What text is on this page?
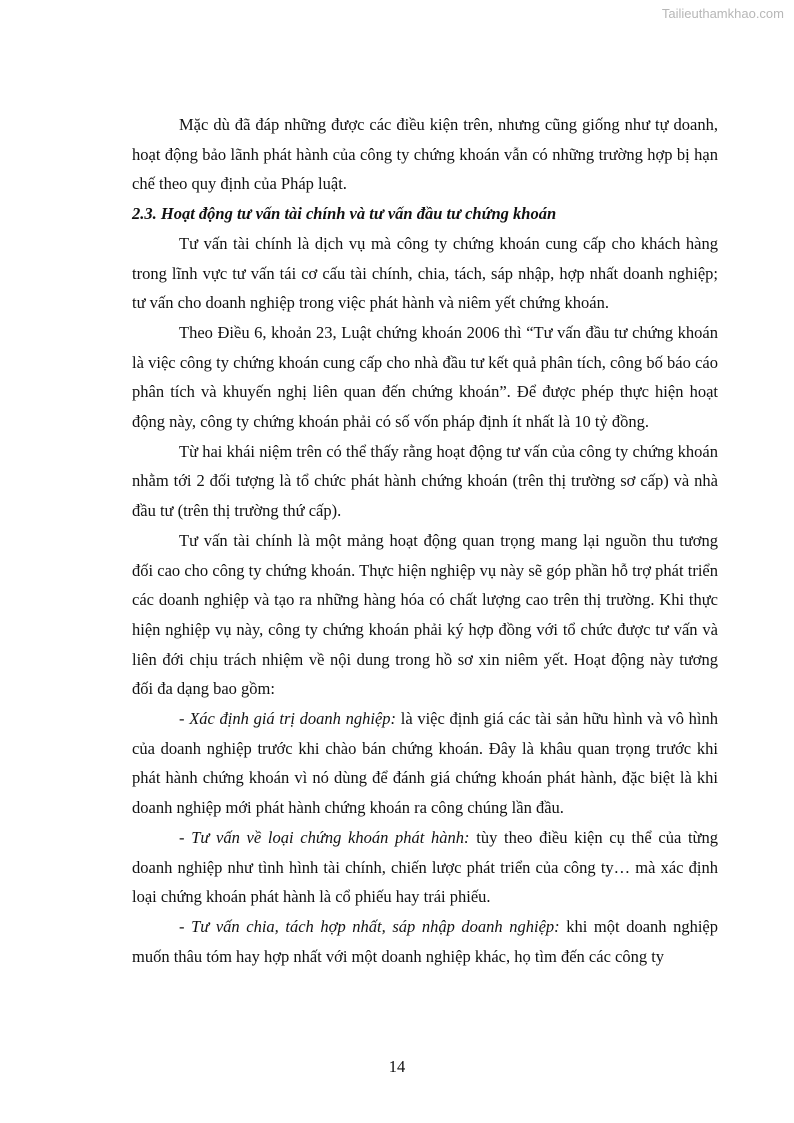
Tailieuthamkhao.com

Mặc dù đã đáp những được các điều kiện trên, nhưng cũng giống như tự doanh, hoạt động bảo lãnh phát hành của công ty chứng khoán vẫn có những trường hợp bị hạn chế theo quy định của Pháp luật.

2.3. Hoạt động tư vấn tài chính và tư vấn đầu tư chứng khoán

Tư vấn tài chính là dịch vụ mà công ty chứng khoán cung cấp cho khách hàng trong lĩnh vực tư vấn tái cơ cấu tài chính, chia, tách, sáp nhập, hợp nhất doanh nghiệp; tư vấn cho doanh nghiệp trong việc phát hành và niêm yết chứng khoán.

Theo Điều 6, khoản 23, Luật chứng khoán 2006 thì “Tư vấn đầu tư chứng khoán là việc công ty chứng khoán cung cấp cho nhà đầu tư kết quả phân tích, công bố báo cáo phân tích và khuyến nghị liên quan đến chứng khoán”. Để được phép thực hiện hoạt động này, công ty chứng khoán phải có số vốn pháp định ít nhất là 10 tỷ đồng.

Từ hai khái niệm trên có thể thấy rằng hoạt động tư vấn của công ty chứng khoán nhằm tới 2 đối tượng là tổ chức phát hành chứng khoán (trên thị trường sơ cấp) và nhà đầu tư (trên thị trường thứ cấp).

Tư vấn tài chính là một mảng hoạt động quan trọng mang lại nguồn thu tương đối cao cho công ty chứng khoán. Thực hiện nghiệp vụ này sẽ góp phần hỗ trợ phát triển các doanh nghiệp và tạo ra những hàng hóa có chất lượng cao trên thị trường. Khi thực hiện nghiệp vụ này, công ty chứng khoán phải ký hợp đồng với tổ chức được tư vấn và liên đới chịu trách nhiệm về nội dung trong hồ sơ xin niêm yết. Hoạt động này tương đối đa dạng bao gồm:

- Xác định giá trị doanh nghiệp: là việc định giá các tài sản hữu hình và vô hình của doanh nghiệp trước khi chào bán chứng khoán. Đây là khâu quan trọng trước khi phát hành chứng khoán vì nó dùng để đánh giá chứng khoán phát hành, đặc biệt là khi doanh nghiệp mới phát hành chứng khoán ra công chúng lần đầu.

- Tư vấn về loại chứng khoán phát hành: tùy theo điều kiện cụ thể của từng doanh nghiệp như tình hình tài chính, chiến lược phát triển của công ty… mà xác định loại chứng khoán phát hành là cổ phiếu hay trái phiếu.

- Tư vấn chia, tách hợp nhất, sáp nhập doanh nghiệp: khi một doanh nghiệp muốn thâu tóm hay hợp nhất với một doanh nghiệp khác, họ tìm đến các công ty

14
